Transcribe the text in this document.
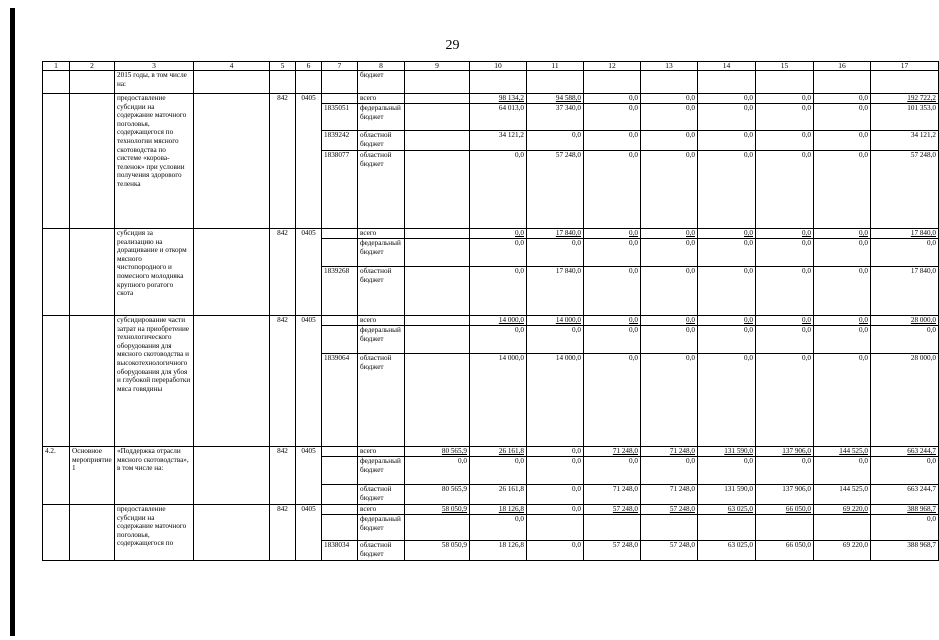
29
1	2	3	4	5	6	7	8	9	10	11	12	13	14	15	16	17
		2015 годы, в том числе на:					бюджет									
		предоставление субсидии на содержание маточного поголовья, содержащегося по технологии мясного скотоводства по системе «корова-теленок» при условии получения здорового теленка		842	0405		всего		98 134,2	94 588,0	0,0	0,0	0,0	0,0	0,0	192 722,2
						1835051	федеральный бюджет		64 013,0	37 340,0	0,0	0,0	0,0	0,0	0,0	101 353,0
						1839242	областной бюджет		34 121,2	0,0	0,0	0,0	0,0	0,0	0,0	34 121,2
						1838077	областной бюджет		0,0	57 248,0	0,0	0,0	0,0	0,0	0,0	57 248,0
		субсидия за реализацию на доращивание и откорм мясного чистопородного и помесного молодняка крупного рогатого скота		842	0405		всего		0,0	17 840,0	0,0	0,0	0,0	0,0	0,0	17 840,0
							федеральный бюджет		0,0	0,0	0,0	0,0	0,0	0,0	0,0	0,0
						1839268	областной бюджет		0,0	17 840,0	0,0	0,0	0,0	0,0	0,0	17 840,0
		субсидирование части затрат на приобретение технологического оборудования для мясного скотоводства и высокотехнологичного оборудования для убоя и глубокой переработки мяса говядины		842	0405		всего		14 000,0	14 000,0	0,0	0,0	0,0	0,0	0,0	28 000,0
							федеральный бюджет		0,0	0,0	0,0	0,0	0,0	0,0	0,0	0,0
						1839064	областной бюджет		14 000,0	14 000,0	0,0	0,0	0,0	0,0	0,0	28 000,0
4.2.	Основное мероприятие 1	«Поддержка отрасли мясного скотоводства», в том числе на:		842	0405		всего	80 565,9	26 161,8	0,0	71 248,0	71 248,0	131 590,0	137 906,0	144 525,0	663 244,7
							федеральный бюджет	0,0	0,0	0,0	0,0	0,0	0,0	0,0	0,0	0,0
							областной бюджет	80 565,9	26 161,8	0,0	71 248,0	71 248,0	131 590,0	137 906,0	144 525,0	663 244,7
		предоставление субсидии на содержание маточного поголовья, содержащегося по		842	0405		всего	58 050,9	18 126,8	0,0	57 248,0	57 248,0	63 025,0	66 050,0	69 220,0	388 968,7
							федеральный бюджет		0,0							0,0
						1838034	областной бюджет	58 050,9	18 126,8	0,0	57 248,0	57 248,0	63 025,0	66 050,0	69 220,0	388 968,7
